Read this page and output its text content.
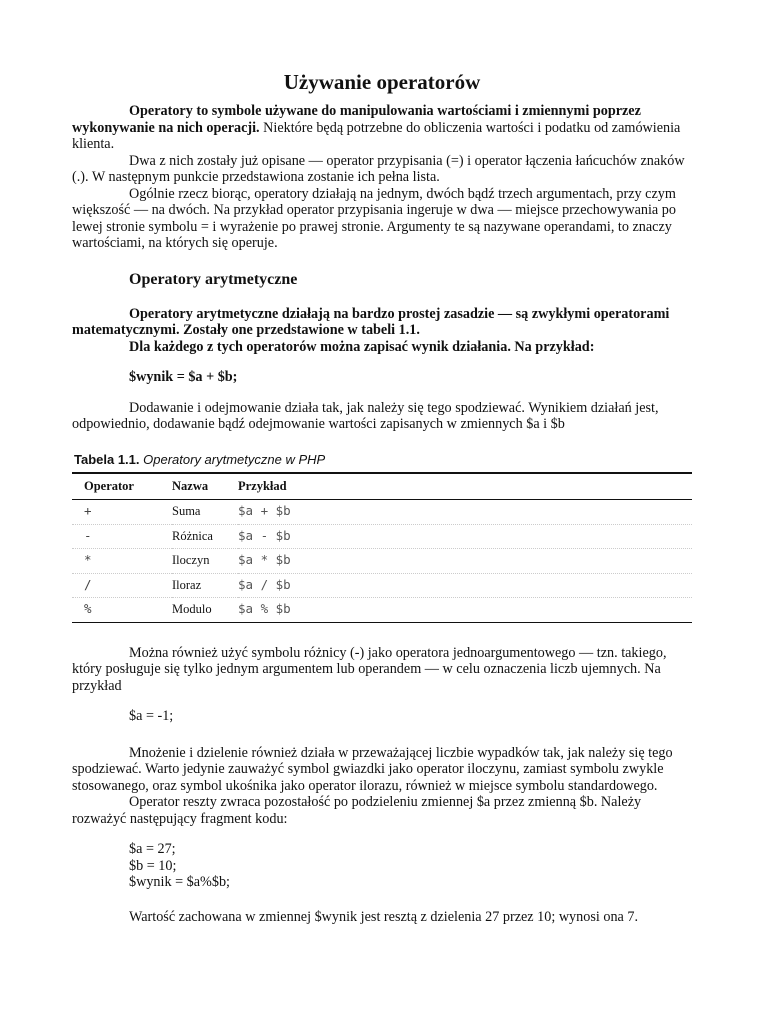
Używanie operatorów

Operatory to symbole używane do manipulowania wartościami i zmiennymi poprzez wykonywanie na nich operacji. Niektóre będą potrzebne do obliczenia wartości i podatku od zamówienia klienta.

Dwa z nich zostały już opisane — operator przypisania (=) i operator łączenia łańcuchów znaków (.). W następnym punkcie przedstawiona zostanie ich pełna lista.

Ogólnie rzecz biorąc, operatory działają na jednym, dwóch bądź trzech argumentach, przy czym większość — na dwóch. Na przykład operator przypisania ingeruje w dwa — miejsce przechowywania po lewej stronie symbolu = i wyrażenie po prawej stronie. Argumenty te są nazywane operandami, to znaczy wartościami, na których się operuje.

Operatory arytmetyczne

Operatory arytmetyczne działają na bardzo prostej zasadzie — są zwykłymi operatorami matematycznymi. Zostały one przedstawione w tabeli 1.1.

Dla każdego z tych operatorów można zapisać wynik działania. Na przykład:

$wynik = $a + $b;

Dodawanie i odejmowanie działa tak, jak należy się tego spodziewać. Wynikiem działań jest, odpowiednio, dodawanie bądź odejmowanie wartości zapisanych w zmiennych $a i $b

Tabela 1.1. Operatory arytmetyczne w PHP
Operator	Nazwa	Przykład
+	Suma	$a + $b
-	Różnica	$a - $b
*	Iloczyn	$a * $b
/	Iloraz	$a / $b
%	Modulo	$a % $b

Można również użyć symbolu różnicy (-) jako operatora jednoargumentowego — tzn. takiego, który posługuje się tylko jednym argumentem lub operandem — w celu oznaczenia liczb ujemnych. Na przykład

$a = -1;

Mnożenie i dzielenie również działa w przeważającej liczbie wypadków tak, jak należy się tego spodziewać. Warto jedynie zauważyć symbol gwiazdki jako operator iloczynu, zamiast symbolu zwykle stosowanego, oraz symbol ukośnika jako operator ilorazu, również w miejsce symbolu standardowego.

Operator reszty zwraca pozostałość po podzieleniu zmiennej $a przez zmienną $b. Należy rozważyć następujący fragment kodu:

$a = 27;

$b = 10;

$wynik = $a%$b;

Wartość zachowana w zmiennej $wynik jest resztą z dzielenia 27 przez 10; wynosi ona 7.
